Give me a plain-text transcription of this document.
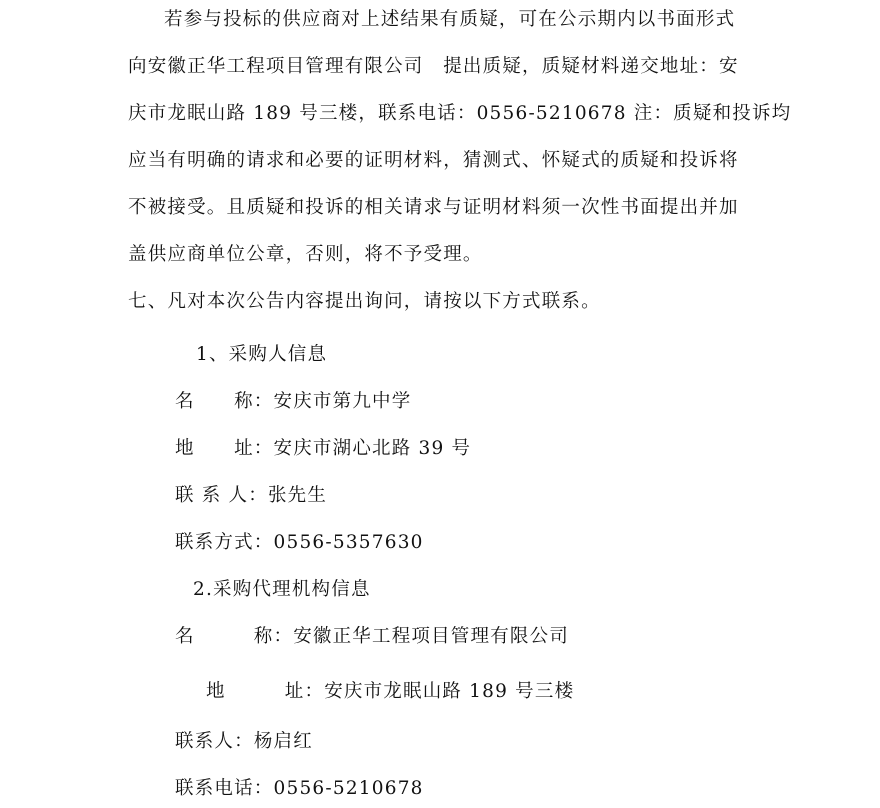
若参与投标的供应商对上述结果有质疑，可在公示期内以书面形式
向安徽正华工程项目管理有限公司　提出质疑，质疑材料递交地址：安
庆市龙眠山路 189 号三楼，联系电话：0556-5210678 注：质疑和投诉均
应当有明确的请求和必要的证明材料，猜测式、怀疑式的质疑和投诉将
不被接受。且质疑和投诉的相关请求与证明材料须一次性书面提出并加
盖供应商单位公章，否则，将不予受理。
七、凡对本次公告内容提出询问，请按以下方式联系。
1、采购人信息
名　　称：安庆市第九中学
地　　址：安庆市湖心北路 39 号
联 系 人：张先生
联系方式：0556-5357630
2.采购代理机构信息
名　　　称：安徽正华工程项目管理有限公司
地　　　址：安庆市龙眠山路 189 号三楼
联系人：杨启红
联系电话：0556-5210678
